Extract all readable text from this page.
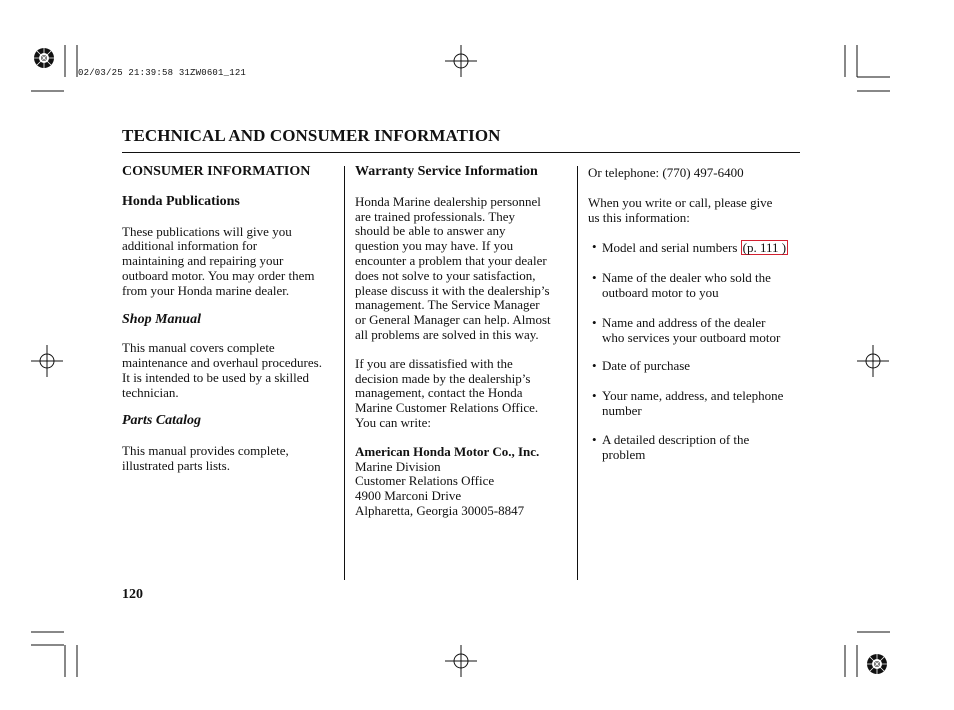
02/03/25 21:39:58 31ZW0601_121
TECHNICAL AND CONSUMER INFORMATION

CONSUMER INFORMATION

Honda Publications

These publications will give you
additional information for
maintaining and repairing your
outboard motor. You may order them
from your Honda marine dealer.

Shop Manual

This manual covers complete
maintenance and overhaul procedures.
It is intended to be used by a skilled
technician.

Parts Catalog

This manual provides complete,
illustrated parts lists.

Warranty Service Information

Honda Marine dealership personnel
are trained professionals. They
should be able to answer any
question you may have. If you
encounter a problem that your dealer
does not solve to your satisfaction,
please discuss it with the dealership’s
management. The Service Manager
or General Manager can help. Almost
all problems are solved in this way.

If you are dissatisfied with the
decision made by the dealership’s
management, contact the Honda
Marine Customer Relations Office.
You can write:

American Honda Motor Co., Inc.

Marine Division
Customer Relations Office
4900 Marconi Drive
Alpharetta, Georgia 30005-8847

Or telephone: (770) 497-6400

When you write or call, please give
us this information:

• Model and serial numbers (p. 111 )
• Name of the dealer who sold the
outboard motor to you
• Name and address of the dealer
who services your outboard motor
• Date of purchase
• Your name, address, and telephone
number
• A detailed description of the
problem
120
